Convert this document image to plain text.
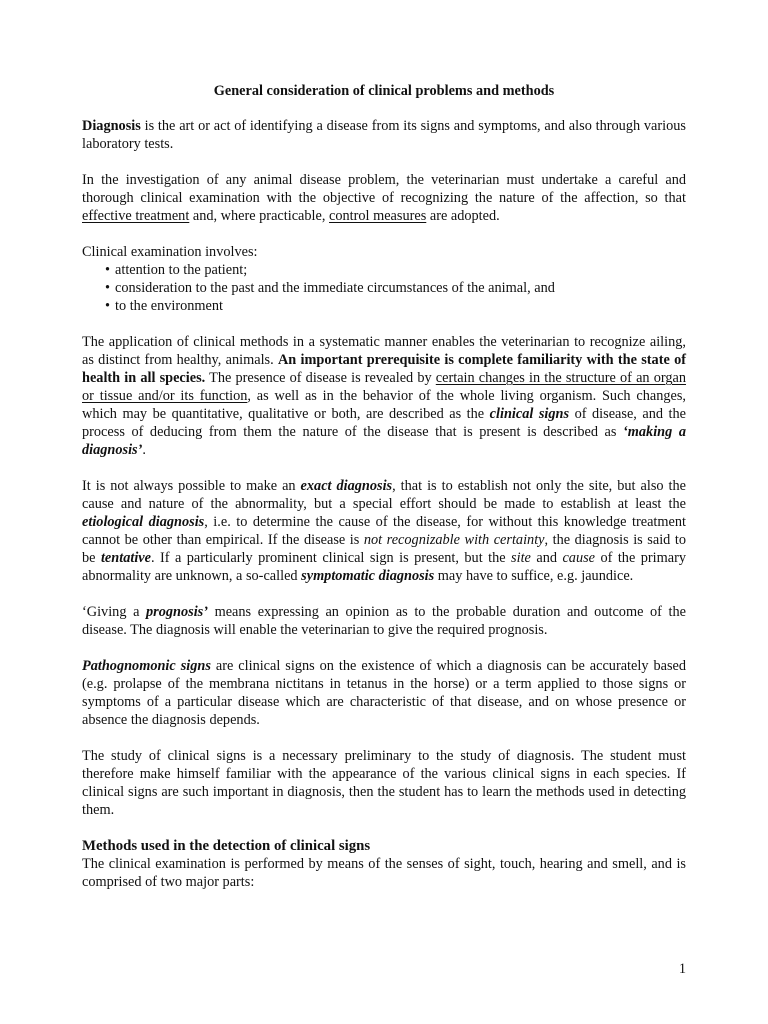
General consideration of clinical problems and methods

Diagnosis is the art or act of identifying a disease from its signs and symptoms, and also through various laboratory tests.

In the investigation of any animal disease problem, the veterinarian must undertake a careful and thorough clinical examination with the objective of recognizing the nature of the affection, so that effective treatment and, where practicable, control measures are adopted.

Clinical examination involves:
• attention to the patient;
• consideration to the past and the immediate circumstances of the animal, and
• to the environment

The application of clinical methods in a systematic manner enables the veterinarian to recognize ailing, as distinct from healthy, animals. An important prerequisite is complete familiarity with the state of health in all species. The presence of disease is revealed by certain changes in the structure of an organ or tissue and/or its function, as well as in the behavior of the whole living organism. Such changes, which may be quantitative, qualitative or both, are described as the clinical signs of disease, and the process of deducing from them the nature of the disease that is present is described as ‘making a diagnosis’.

It is not always possible to make an exact diagnosis, that is to establish not only the site, but also the cause and nature of the abnormality, but a special effort should be made to establish at least the etiological diagnosis, i.e. to determine the cause of the disease, for without this knowledge treatment cannot be other than empirical. If the disease is not recognizable with certainty, the diagnosis is said to be tentative. If a particularly prominent clinical sign is present, but the site and cause of the primary abnormality are unknown, a so-called symptomatic diagnosis may have to suffice, e.g. jaundice.

‘Giving a prognosis’ means expressing an opinion as to the probable duration and outcome of the disease. The diagnosis will enable the veterinarian to give the required prognosis.

Pathognomonic signs are clinical signs on the existence of which a diagnosis can be accurately based (e.g. prolapse of the membrana nictitans in tetanus in the horse) or a term applied to those signs or symptoms of a particular disease which are characteristic of that disease, and on whose presence or absence the diagnosis depends.

The study of clinical signs is a necessary preliminary to the study of diagnosis. The student must therefore make himself familiar with the appearance of the various clinical signs in each species. If clinical signs are such important in diagnosis, then the student has to learn the methods used in detecting them.

Methods used in the detection of clinical signs

The clinical examination is performed by means of the senses of sight, touch, hearing and smell, and is comprised of two major parts:

1
